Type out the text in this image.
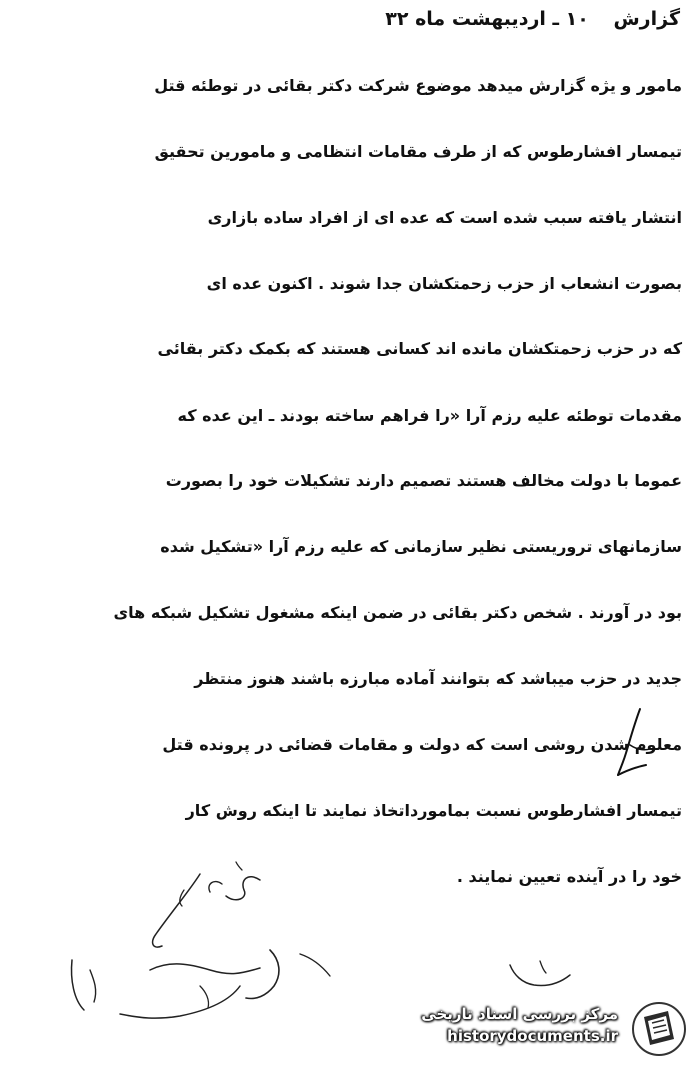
گزارش ۱۰ ـ اردیبهشت ماه ۳۲
مامور و یژه گزارش میدهد موضوع شرکت دکتر بقائی در توطئه قتل
تیمسار افشارطوس که از طرف مقامات انتظامی و مامورین تحقیق
انتشار یافته سبب شده است که عده ای از افراد ساده بازاری
بصورت انشعاب از حزب زحمتکشان جدا شوند . اکنون عده ای
که در حزب زحمتکشان مانده اند کسانی هستند که بکمک دکتر بقائی
مقدمات توطئه علیه رزم آرا «را فراهم ساخته بودند ـ این عده که
عموما با دولت مخالف هستند تصمیم دارند تشکیلات خود را بصورت
سازمانهای تروریستی نظیر سازمانی که علیه رزم آرا «تشکیل شده
بود در آورند . شخص دکتر بقائی در ضمن اینکه مشغول تشکیل شبکه های
جدید در حزب میباشد که بتوانند آماده مبارزه باشند هنوز منتظر
معلوم شدن روشی است که دولت و مقامات قضائی در پرونده قتل
تیمسار افشارطوس نسبت بمامورداتخاذ نمایند تا اینکه روش کار
خود را در آینده تعیین نمایند .
مرکز بررسی اسناد تاریخی
historydocuments.ir
